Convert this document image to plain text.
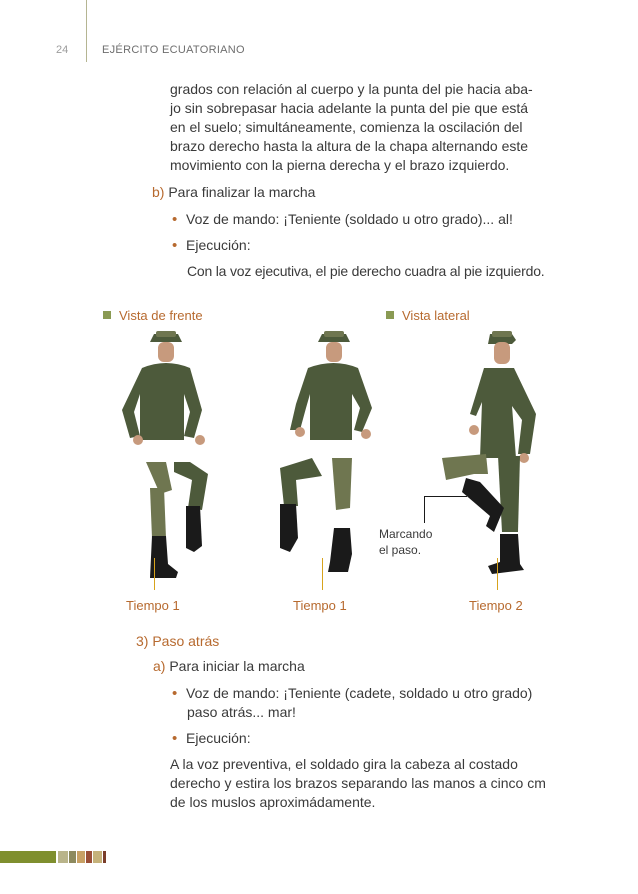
24	EJÉRCITO ECUATORIANO
grados con relación al cuerpo y la punta del pie hacia aba-
jo sin sobrepasar hacia adelante la punta del pie que está
en el suelo; simultáneamente, comienza la oscilación del
brazo derecho hasta la altura de la chapa alternando este
movimiento con la pierna derecha y el brazo izquierdo.
b) Para finalizar la marcha
• Voz de mando: ¡Teniente (soldado u otro grado)... al!
• Ejecución:
Con la voz ejecutiva, el pie derecho cuadra al pie izquierdo.
Vista de frente	Vista lateral
Marcando
el paso.
Tiempo 1	Tiempo 1	Tiempo 2
3) Paso atrás
a) Para iniciar la marcha
• Voz de mando: ¡Teniente (cadete, soldado u otro grado)
paso atrás... mar!
• Ejecución:
A la voz preventiva, el soldado gira la cabeza al costado
derecho y estira los brazos separando las manos a cinco cm
de los muslos aproximádamente.
